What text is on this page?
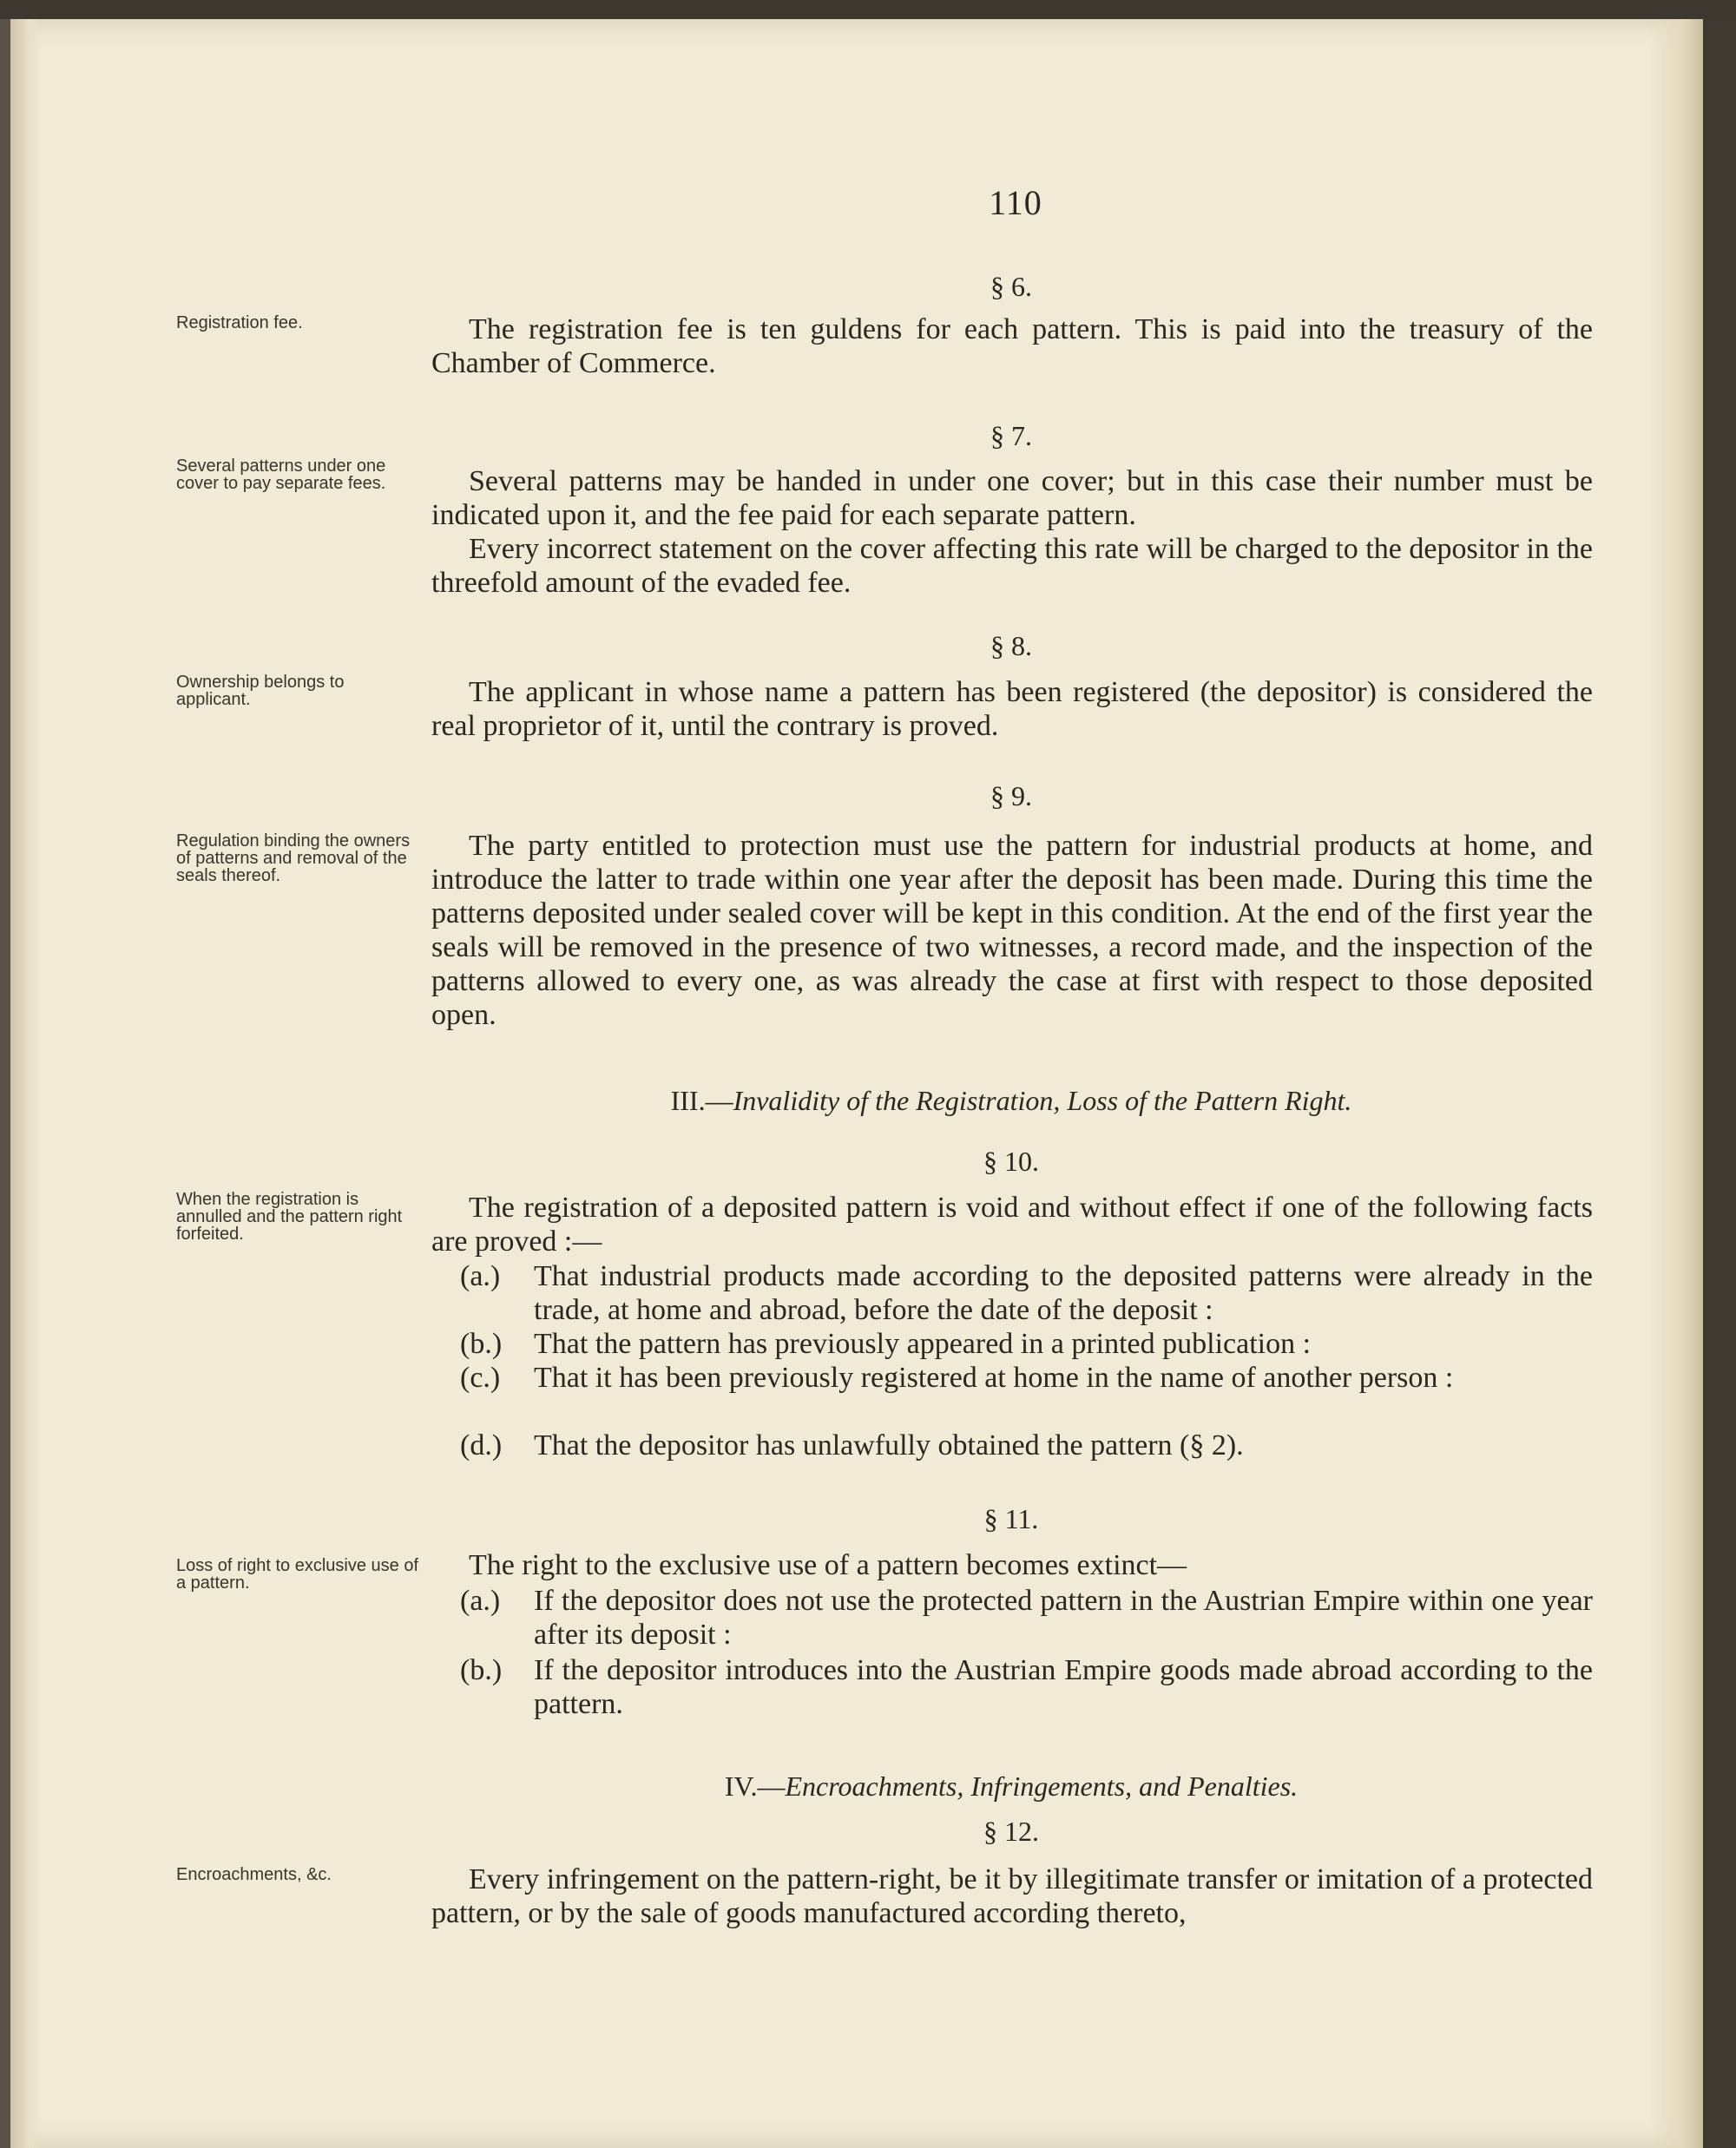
110
§ 6.
Registration fee.	The registration fee is ten guldens for each pattern. This is paid into the treasury of the Chamber of Commerce.

§ 7.
Several patterns under one cover to pay separate fees.	Several patterns may be handed in under one cover; but in this case their number must be indicated upon it, and the fee paid for each separate pattern.

Every incorrect statement on the cover affecting this rate will be charged to the depositor in the threefold amount of the evaded fee.

§ 8.
Ownership belongs to applicant.	The applicant in whose name a pattern has been registered (the depositor) is considered the real proprietor of it, until the contrary is proved.

§ 9.
Regulation binding the owners of patterns and removal of the seals thereof.

The party entitled to protection must use the pattern for industrial products at home, and introduce the latter to trade within one year after the deposit has been made. During this time the patterns deposited under sealed cover will be kept in this condition. At the end of the first year the seals will be removed in the presence of two witnesses, a record made, and the inspection of the patterns allowed to every one, as was already the case at first with respect to those deposited open.

III.—Invalidity of the Registration, Loss of the Pattern Right.
§ 10.
When the registration is annulled and the pattern right forfeited.

The registration of a deposited pattern is void and without effect if one of the following facts are proved :—

(a.) That industrial products made according to the deposited patterns were already in the trade, at home and abroad, before the date of the deposit :
(b.) That the pattern has previously appeared in a printed publication :
(c.) That it has been previously registered at home in the name of another person :
(d.) That the depositor has unlawfully obtained the pattern (§ 2).
§ 11.
Loss of right to exclusive use of a pattern.

The right to the exclusive use of a pattern becomes extinct—

(a.) If the depositor does not use the protected pattern in the Austrian Empire within one year after its deposit :
(b.) If the depositor introduces into the Austrian Empire goods made abroad according to the pattern.
IV.—Encroachments, Infringements, and Penalties.
§ 12.
Encroachments, &c.	Every infringement on the pattern-right, be it by illegitimate transfer or imitation of a protected pattern, or by the sale of goods manufactured according thereto,
